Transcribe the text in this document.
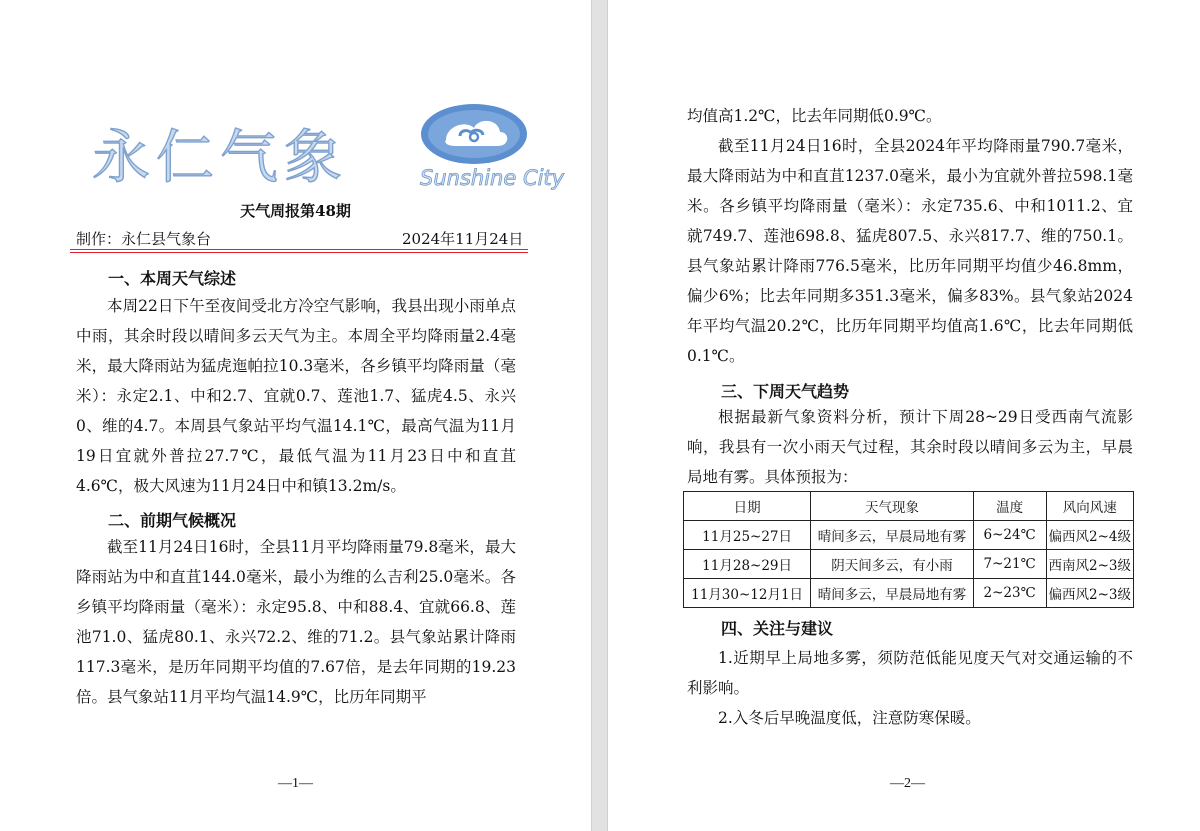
永仁气象	Sunshine City
天气周报第48期
制作：永仁县气象台	2024年11月24日
一、本周天气综述
本周22日下午至夜间受北方冷空气影响，我县出现小雨单点中雨，其余时段以晴间多云天气为主。本周全平均降雨量2.4毫米，最大降雨站为猛虎迤帕拉10.3毫米，各乡镇平均降雨量（毫米）：永定2.1、中和2.7、宜就0.7、莲池1.7、猛虎4.5、永兴0、维的4.7。本周县气象站平均气温14.1℃，最高气温为11月19日宜就外普拉27.7℃，最低气温为11月23日中和直苴4.6℃，极大风速为11月24日中和镇13.2m/s。
二、前期气候概况
截至11月24日16时，全县11月平均降雨量79.8毫米，最大降雨站为中和直苴144.0毫米，最小为维的么吉利25.0毫米。各乡镇平均降雨量（毫米）：永定95.8、中和88.4、宜就66.8、莲池71.0、猛虎80.1、永兴72.2、维的71.2。县气象站累计降雨117.3毫米，是历年同期平均值的7.67倍，是去年同期的19.23倍。县气象站11月平均气温14.9℃，比历年同期平
—1—	—2—
均值高1.2℃，比去年同期低0.9℃。
截至11月24日16时，全县2024年平均降雨量790.7毫米，最大降雨站为中和直苴1237.0毫米，最小为宜就外普拉598.1毫米。各乡镇平均降雨量（毫米）：永定735.6、中和1011.2、宜就749.7、莲池698.8、猛虎807.5、永兴817.7、维的750.1。县气象站累计降雨776.5毫米，比历年同期平均值少46.8mm，偏少6%；比去年同期多351.3毫米，偏多83%。县气象站2024年平均气温20.2℃，比历年同期平均值高1.6℃，比去年同期低0.1℃。
三、下周天气趋势
根据最新气象资料分析，预计下周28~29日受西南气流影响，我县有一次小雨天气过程，其余时段以晴间多云为主，早晨局地有雾。具体预报为：
日期	天气现象	温度	风向风速
11月25~27日	晴间多云，早晨局地有雾	6~24℃	偏西风2~4级
11月28~29日	阴天间多云，有小雨	7~21℃	西南风2~3级
11月30~12月1日	晴间多云，早晨局地有雾	2~23℃	偏西风2~3级
四、关注与建议
1.近期早上局地多雾，须防范低能见度天气对交通运输的不利影响。
2.入冬后早晚温度低，注意防寒保暖。
